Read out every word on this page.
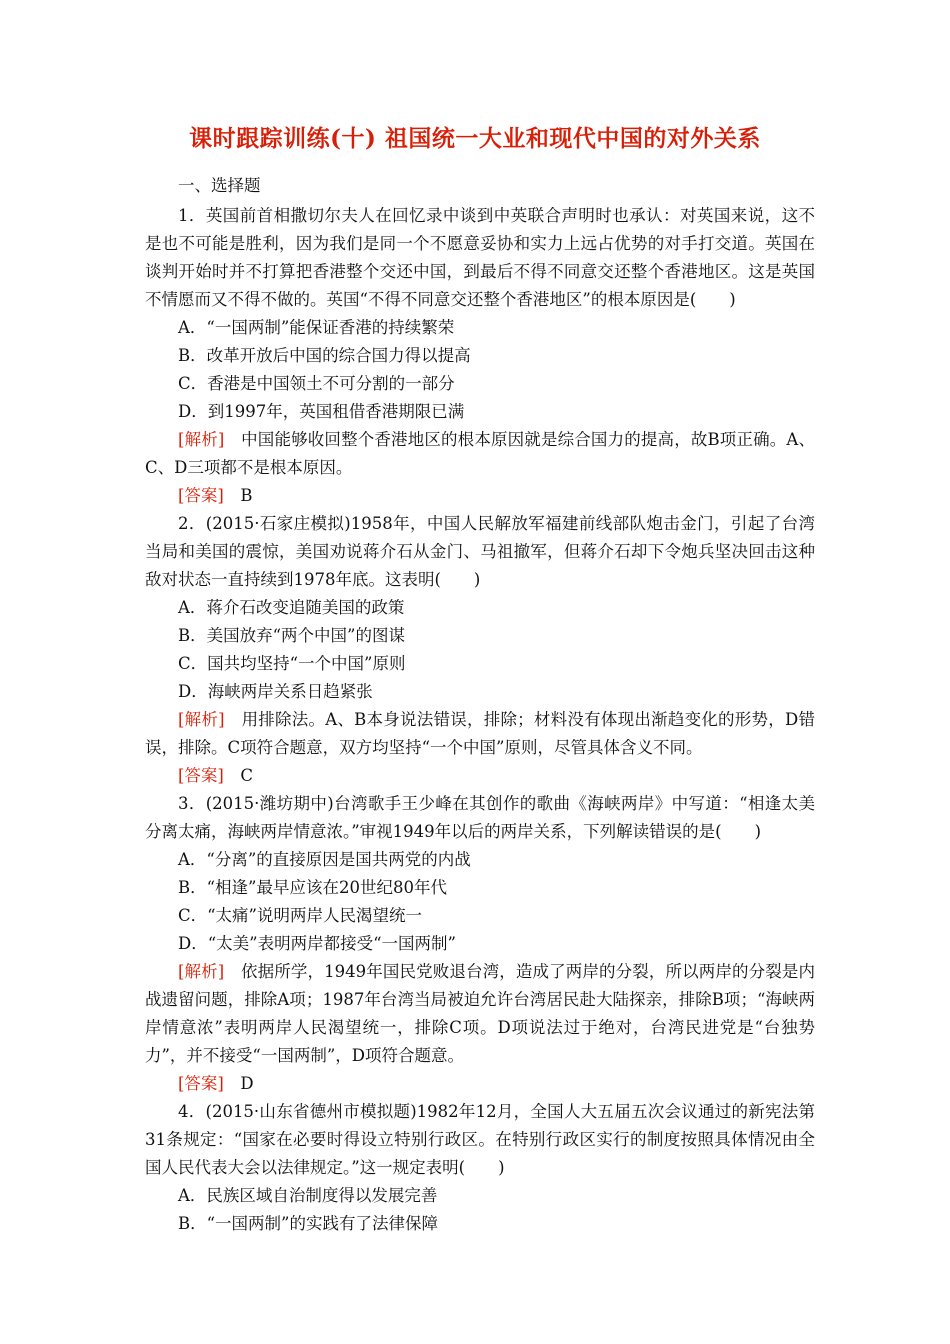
课时跟踪训练(十) 祖国统一大业和现代中国的对外关系
一、选择题
1．英国前首相撒切尔夫人在回忆录中谈到中英联合声明时也承认：对英国来说，这不是也不可能是胜利，因为我们是同一个不愿意妥协和实力上远占优势的对手打交道。英国在谈判开始时并不打算把香港整个交还中国，到最后不得不同意交还整个香港地区。这是英国不情愿而又不得不做的。英国“不得不同意交还整个香港地区”的根本原因是(　　)
A．“一国两制”能保证香港的持续繁荣
B．改革开放后中国的综合国力得以提高
C．香港是中国领土不可分割的一部分
D．到1997年，英国租借香港期限已满
[解析]　中国能够收回整个香港地区的根本原因就是综合国力的提高，故B项正确。A、C、D三项都不是根本原因。
[答案]　B
2．(2015·石家庄模拟)1958年，中国人民解放军福建前线部队炮击金门，引起了台湾当局和美国的震惊，美国劝说蒋介石从金门、马祖撤军，但蒋介石却下令炮兵坚决回击这种敌对状态一直持续到1978年底。这表明(　　)
A．蒋介石改变追随美国的政策
B．美国放弃“两个中国”的图谋
C．国共均坚持“一个中国”原则
D．海峡两岸关系日趋紧张
[解析]　用排除法。A、B本身说法错误，排除；材料没有体现出渐趋变化的形势，D错误，排除。C项符合题意，双方均坚持“一个中国”原则，尽管具体含义不同。
[答案]　C
3．(2015·潍坊期中)台湾歌手王少峰在其创作的歌曲《海峡两岸》中写道：“相逢太美分离太痛，海峡两岸情意浓。”审视1949年以后的两岸关系，下列解读错误的是(　　)
A．“分离”的直接原因是国共两党的内战
B．“相逢”最早应该在20世纪80年代
C．“太痛”说明两岸人民渴望统一
D．“太美”表明两岸都接受“一国两制”
[解析]　依据所学，1949年国民党败退台湾，造成了两岸的分裂，所以两岸的分裂是内战遗留问题，排除A项；1987年台湾当局被迫允许台湾居民赴大陆探亲，排除B项；“海峡两岸情意浓”表明两岸人民渴望统一，排除C项。D项说法过于绝对，台湾民进党是“台独势力”，并不接受“一国两制”，D项符合题意。
[答案]　D
4．(2015·山东省德州市模拟题)1982年12月，全国人大五届五次会议通过的新宪法第31条规定：“国家在必要时得设立特别行政区。在特别行政区实行的制度按照具体情况由全国人民代表大会以法律规定。”这一规定表明(　　)
A．民族区域自治制度得以发展完善
B．“一国两制”的实践有了法律保障
